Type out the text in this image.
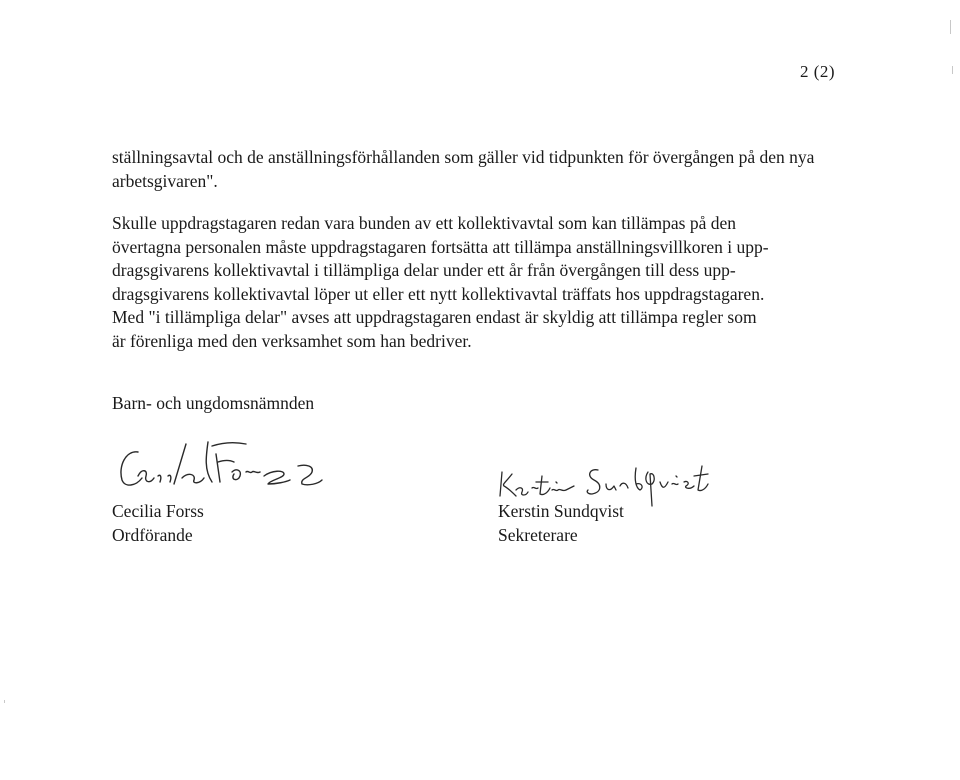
2 (2)

ställningsavtal och de anställningsförhållanden som gäller vid tidpunkten för övergången på den nya arbetsgivaren".

Skulle uppdragstagaren redan vara bunden av ett kollektivavtal som kan tillämpas på den
övertagna personalen måste uppdragstagaren fortsätta att tillämpa anställningsvillkoren i upp-
dragsgivarens kollektivavtal i tillämpliga delar under ett år från övergången till dess upp-
dragsgivarens kollektivavtal löper ut eller ett nytt kollektivavtal träffats hos uppdragstagaren.
Med "i tillämpliga delar" avses att uppdragstagaren endast är skyldig att tillämpa regler som
är förenliga med den verksamhet som han bedriver.

Barn- och ungdomsnämnden

Cecilia Forss
Ordförande
Kerstin Sundqvist
Sekreterare
